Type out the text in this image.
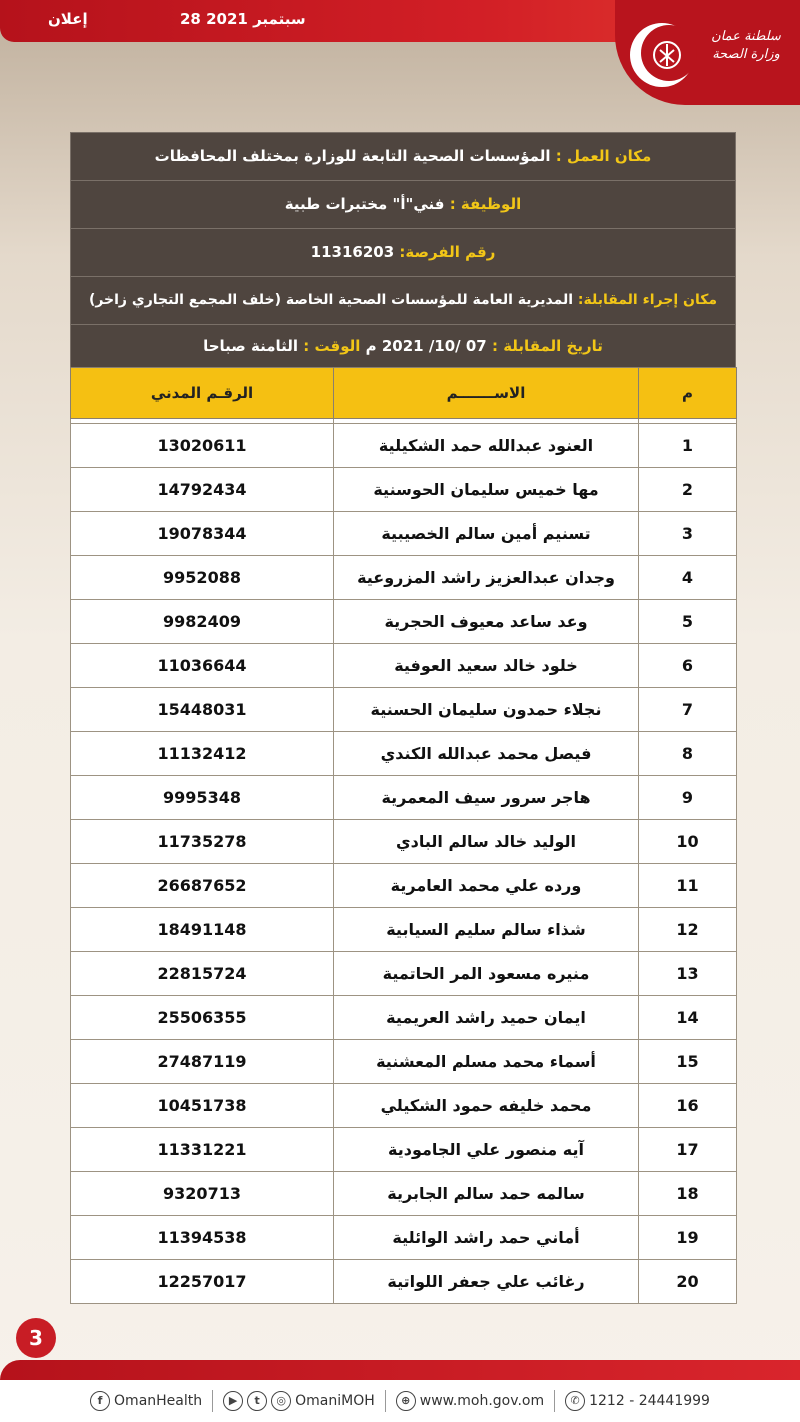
إعلان	28 سبتمبر 2021
سلطنة عمان
وزارة الصحة
مكان العمل : المؤسسات الصحية التابعة للوزارة بمختلف المحافظات
الوظيفة : فني"أ" مختبرات طبية
رقم الفرصة: 11316203
مكان إجراء المقابلة: المديرية العامة للمؤسسات الصحية الخاصة (خلف المجمع التجاري زاخر)
تاريخ المقابلة : 07 /10/ 2021 م الوقت : الثامنة صباحا
م	الاســـــــم	الرقـم المدني

1	العنود عبدالله حمد الشكيلية	13020611
2	مها خميس سليمان الحوسنية	14792434
3	تسنيم أمين سالم الخصيبية	19078344
4	وجدان عبدالعزيز راشد المزروعية	9952088
5	وعد ساعد معيوف الحجرية	9982409
6	خلود خالد سعيد العوفية	11036644
7	نجلاء حمدون سليمان الحسنية	15448031
8	فيصل محمد عبدالله الكندي	11132412
9	هاجر سرور سيف المعمرية	9995348
10	الوليد خالد سالم البادي	11735278
11	ورده علي محمد العامرية	26687652
12	شذاء سالم سليم السيابية	18491148
13	منيره مسعود المر الحاتمية	22815724
14	ايمان حميد راشد العريمية	25506355
15	أسماء محمد مسلم المعشنية	27487119
16	محمد خليفه حمود الشكيلي	10451738
17	آيه منصور علي الجامودية	11331221
18	سالمه حمد سالم الجابرية	9320713
19	أماني حمد راشد الوائلية	11394538
20	رغائب علي جعفر اللواتية	12257017
3
f OmanHealth	▶	t	◎ OmaniMOH	⊕ www.moh.gov.om	✆ 1212 - 24441999
